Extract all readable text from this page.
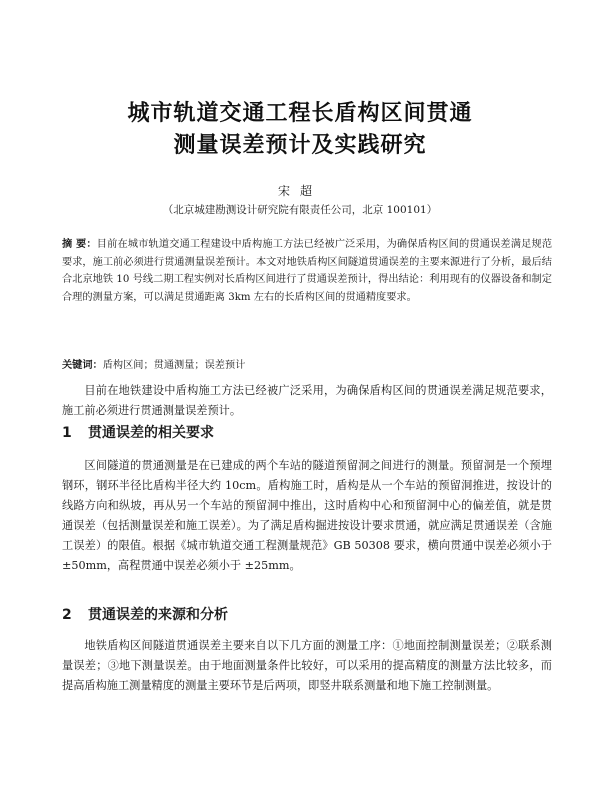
城市轨道交通工程长盾构区间贯通
测量误差预计及实践研究
宋超
（北京城建勘测设计研究院有限责任公司，北京 100101）
摘 要：目前在城市轨道交通工程建设中盾构施工方法已经被广泛采用，为确保盾构区间的贯通误差满足规范要求，施工前必须进行贯通测量误差预计。本文对地铁盾构区间隧道贯通误差的主要来源进行了分析，最后结合北京地铁 10 号线二期工程实例对长盾构区间进行了贯通误差预计，得出结论：利用现有的仪器设备和制定合理的测量方案，可以满足贯通距离 3km 左右的长盾构区间的贯通精度要求。
关键词：盾构区间；贯通测量；误差预计
目前在地铁建设中盾构施工方法已经被广泛采用，为确保盾构区间的贯通误差满足规范要求，施工前必须进行贯通测量误差预计。
1 贯通误差的相关要求
区间隧道的贯通测量是在已建成的两个车站的隧道预留洞之间进行的测量。预留洞是一个预埋钢环，钢环半径比盾构半径大约 10cm。盾构施工时，盾构是从一个车站的预留洞推进，按设计的线路方向和纵坡，再从另一个车站的预留洞中推出，这时盾构中心和预留洞中心的偏差值，就是贯通误差（包括测量误差和施工误差）。为了满足盾构掘进按设计要求贯通，就应满足贯通误差（含施工误差）的限值。根据《城市轨道交通工程测量规范》GB 50308 要求，横向贯通中误差必须小于 ±50mm，高程贯通中误差必须小于 ±25mm。
2 贯通误差的来源和分析
地铁盾构区间隧道贯通误差主要来自以下几方面的测量工序：①地面控制测量误差；②联系测量误差；③地下测量误差。由于地面测量条件比较好，可以采用的提高精度的测量方法比较多，而提高盾构施工测量精度的测量主要环节是后两项，即竖井联系测量和地下施工控制测量。
